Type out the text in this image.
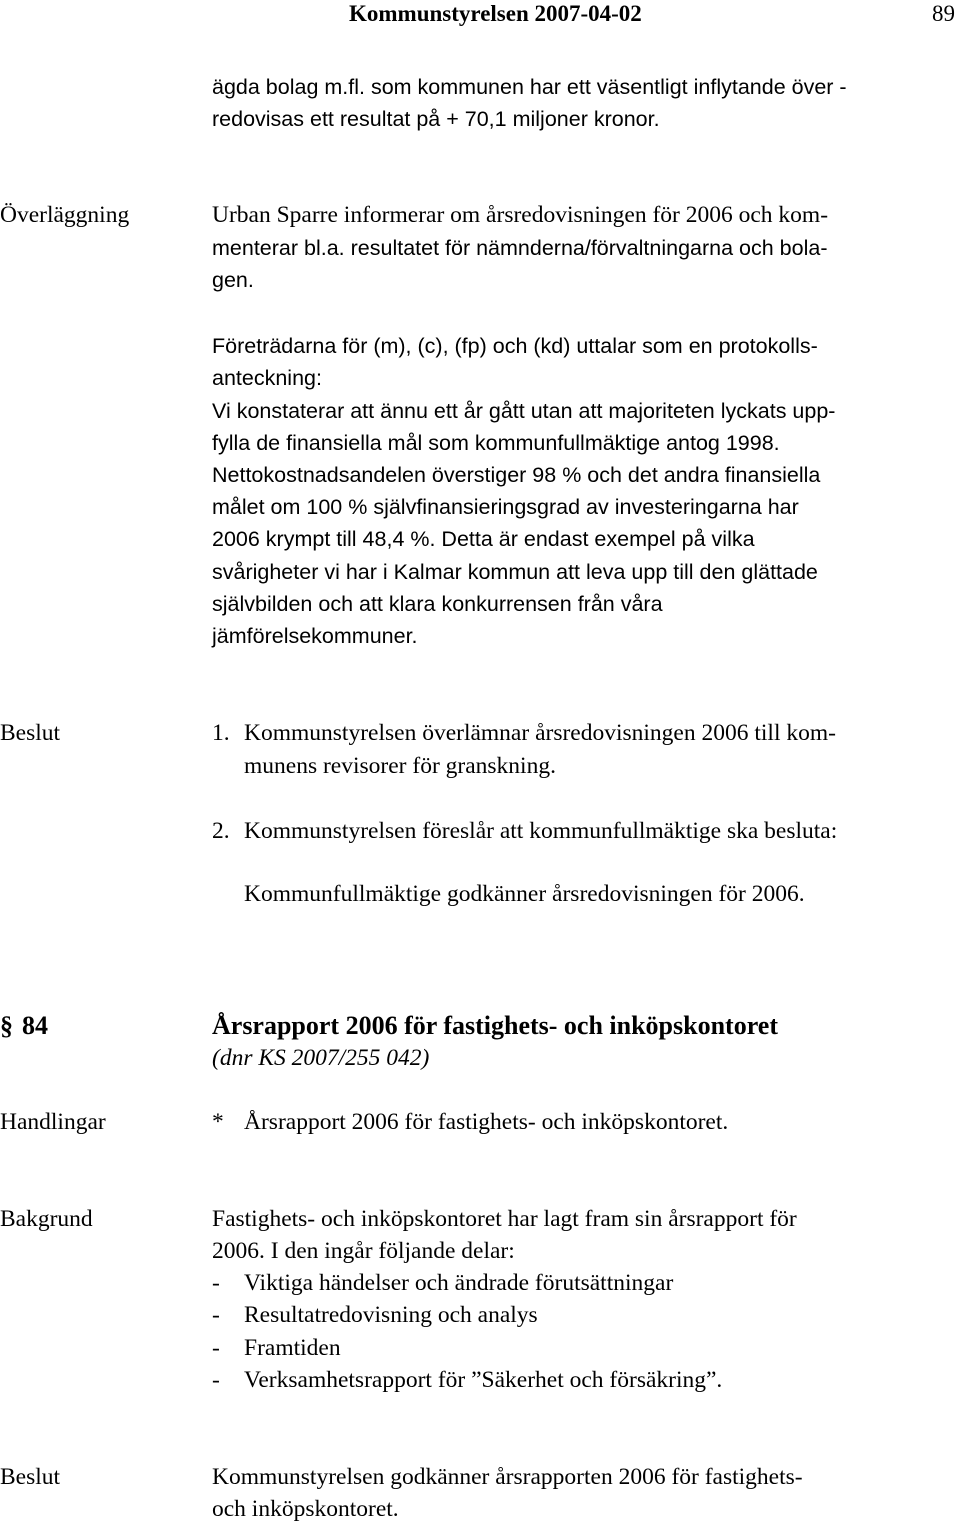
Kommunstyrelsen 2007-04-02	89
ägda bolag m.fl. som kommunen har ett väsentligt inflytande över -
redovisas ett resultat på + 70,1 miljoner kronor.
Överläggning	Urban Sparre informerar om årsredovisningen för 2006 och kom-
menterar bl.a. resultatet för nämnderna/förvaltningarna och bola-
gen.
Företrädarna för (m), (c), (fp) och (kd) uttalar som en protokolls-
anteckning:
Vi konstaterar att ännu ett år gått utan att majoriteten lyckats upp-
fylla de finansiella mål som kommunfullmäktige antog 1998.
Nettokostnadsandelen överstiger 98 % och det andra finansiella
målet om 100 % självfinansieringsgrad av investeringarna har
2006 krympt till 48,4 %. Detta är endast exempel på vilka
svårigheter vi har i Kalmar kommun att leva upp till den glättade
självbilden och att klara konkurrensen från våra
jämförelsekommuner.
Beslut	1. Kommunstyrelsen överlämnar årsredovisningen 2006 till kom-
munens revisorer för granskning.
2. Kommunstyrelsen föreslår att kommunfullmäktige ska besluta:
Kommunfullmäktige godkänner årsredovisningen för 2006.
§ 84	Årsrapport 2006 för fastighets- och inköpskontoret
(dnr KS 2007/255 042)
Handlingar	* Årsrapport 2006 för fastighets- och inköpskontoret.
Bakgrund	Fastighets- och inköpskontoret har lagt fram sin årsrapport för
2006. I den ingår följande delar:
- Viktiga händelser och ändrade förutsättningar
- Resultatredovisning och analys
- Framtiden
- Verksamhetsrapport för ”Säkerhet och försäkring”.
Beslut	Kommunstyrelsen godkänner årsrapporten 2006 för fastighets-
och inköpskontoret.
